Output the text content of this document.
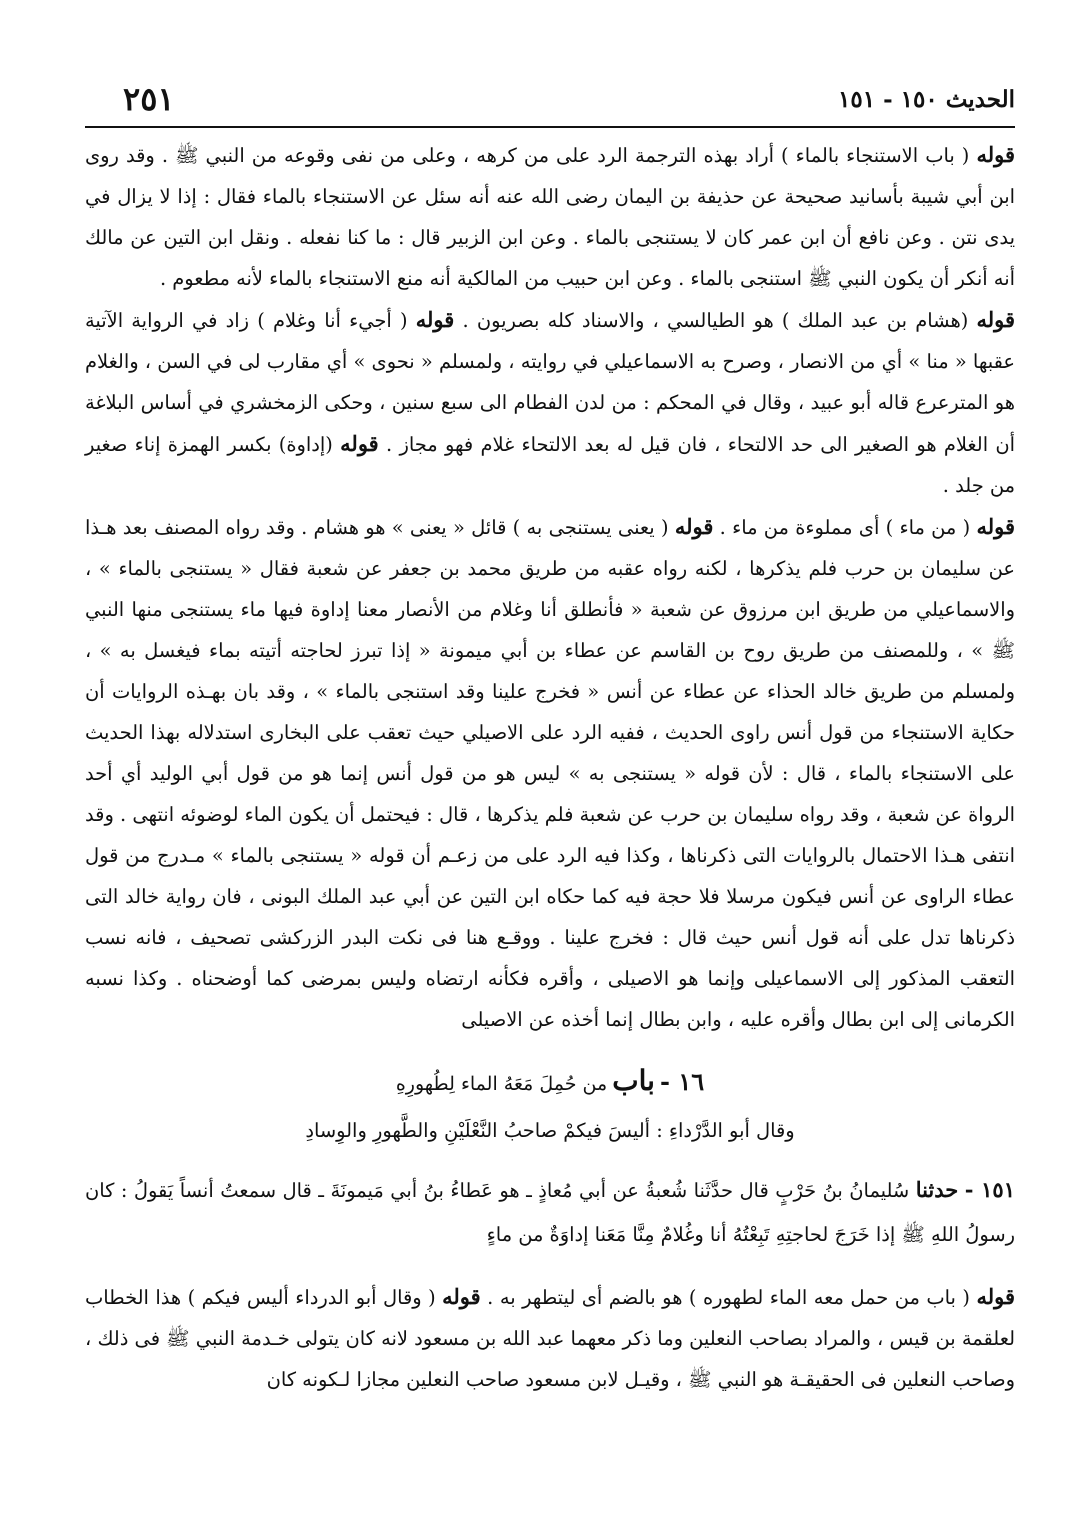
الحديث ١٥٠ - ١٥١
٢٥١

قوله ( باب الاستنجاء بالماء ) أراد بهذه الترجمة الرد على من كرهه ، وعلى من نفى وقوعه من النبي ﷺ . وقد روى ابن أبي شيبة بأسانيد صحيحة عن حذيفة بن اليمان رضى الله عنه أنه سئل عن الاستنجاء بالماء فقال : إذا لا يزال في يدى نتن . وعن نافع أن ابن عمر كان لا يستنجى بالماء . وعن ابن الزبير قال : ما كنا نفعله . ونقل ابن التين عن مالك أنه أنكر أن يكون النبي ﷺ استنجى بالماء . وعن ابن حبيب من المالكية أنه منع الاستنجاء بالماء لأنه مطعوم .

قوله (هشام بن عبد الملك ) هو الطيالسي ، والاسناد كله بصريون . قوله ( أجيء أنا وغلام ) زاد في الرواية الآتية عقبها « منا » أي من الانصار ، وصرح به الاسماعيلي في روايته ، ولمسلم « نحوى » أي مقارب لى في السن ، والغلام هو المترعرع قاله أبو عبيد ، وقال في المحكم : من لدن الفطام الى سبع سنين ، وحكى الزمخشري في أساس البلاغة أن الغلام هو الصغير الى حد الالتحاء ، فان قيل له بعد الالتحاء غلام فهو مجاز . قوله (إداوة) بكسر الهمزة إناء صغير من جلد .

قوله ( من ماء ) أى مملوءة من ماء . قوله ( يعنى يستنجى به ) قائل « يعنى » هو هشام . وقد رواه المصنف بعد هـذا عن سليمان بن حرب فلم يذكرها ، لكنه رواه عقبه من طريق محمد بن جعفر عن شعبة فقال « يستنجى بالماء » ، والاسماعيلي من طريق ابن مرزوق عن شعبة « فأنطلق أنا وغلام من الأنصار معنا إداوة فيها ماء يستنجى منها النبي ﷺ » ، وللمصنف من طريق روح بن القاسم عن عطاء بن أبي ميمونة « إذا تبرز لحاجته أتيته بماء فيغسل به » ، ولمسلم من طريق خالد الحذاء عن عطاء عن أنس « فخرج علينا وقد استنجى بالماء » ، وقد بان بهـذه الروايات أن حكاية الاستنجاء من قول أنس راوى الحديث ، ففيه الرد على الاصيلي حيث تعقب على البخارى استدلاله بهذا الحديث على الاستنجاء بالماء ، قال : لأن قوله « يستنجى به » ليس هو من قول أنس إنما هو من قول أبي الوليد أي أحد الرواة عن شعبة ، وقد رواه سليمان بن حرب عن شعبة فلم يذكرها ، قال : فيحتمل أن يكون الماء لوضوئه انتهى . وقد انتفى هـذا الاحتمال بالروايات التى ذكرناها ، وكذا فيه الرد على من زعـم أن قوله « يستنجى بالماء » مـدرج من قول عطاء الراوى عن أنس فيكون مرسلا فلا حجة فيه كما حكاه ابن التين عن أبي عبد الملك البونى ، فان رواية خالد التى ذكرناها تدل على أنه قول أنس حيث قال : فخرج علينا . ووقـع هنا فى نكت البدر الزركشى تصحيف ، فانه نسب التعقب المذكور إلى الاسماعيلى وإنما هو الاصيلى ، وأقره فكأنه ارتضاه وليس بمرضى كما أوضحناه . وكذا نسبه الكرمانى إلى ابن بطال وأقره عليه ، وابن بطال إنما أخذه عن الاصيلى

١٦ - باب من حُمِلَ مَعَهُ الماء لِطُهورِهِ
وقال أبو الدَّرْداءِ : أليسَ فيكمْ صاحبُ النَّعْلَيْنِ والطَّهورِ والوِسادِ

١٥١ - حدثنا سُليمانُ بنُ حَرْبٍ قال حدَّثَنا شُعبةُ عن أبي مُعاذٍ ـ هو عَطاءُ بنُ أبي مَيمونَةَ ـ قال سمعتُ أنساً يَقولُ : كان رسولُ اللهِ ﷺ إذا خَرَجَ لحاجتِهِ تَبِعْتُهُ أنا وغُلامٌ مِنَّا مَعَنا إداوَةٌ من ماءٍ

قوله ( باب من حمل معه الماء لطهوره ) هو بالضم أى ليتطهر به . قوله ( وقال أبو الدرداء أليس فيكم ) هذا الخطاب لعلقمة بن قيس ، والمراد بصاحب النعلين وما ذكر معهما عبد الله بن مسعود لانه كان يتولى خـدمة النبي ﷺ فى ذلك ، وصاحب النعلين فى الحقيقـة هو النبي ﷺ ، وقيـل لابن مسعود صاحب النعلين مجازا لـكونه كان
